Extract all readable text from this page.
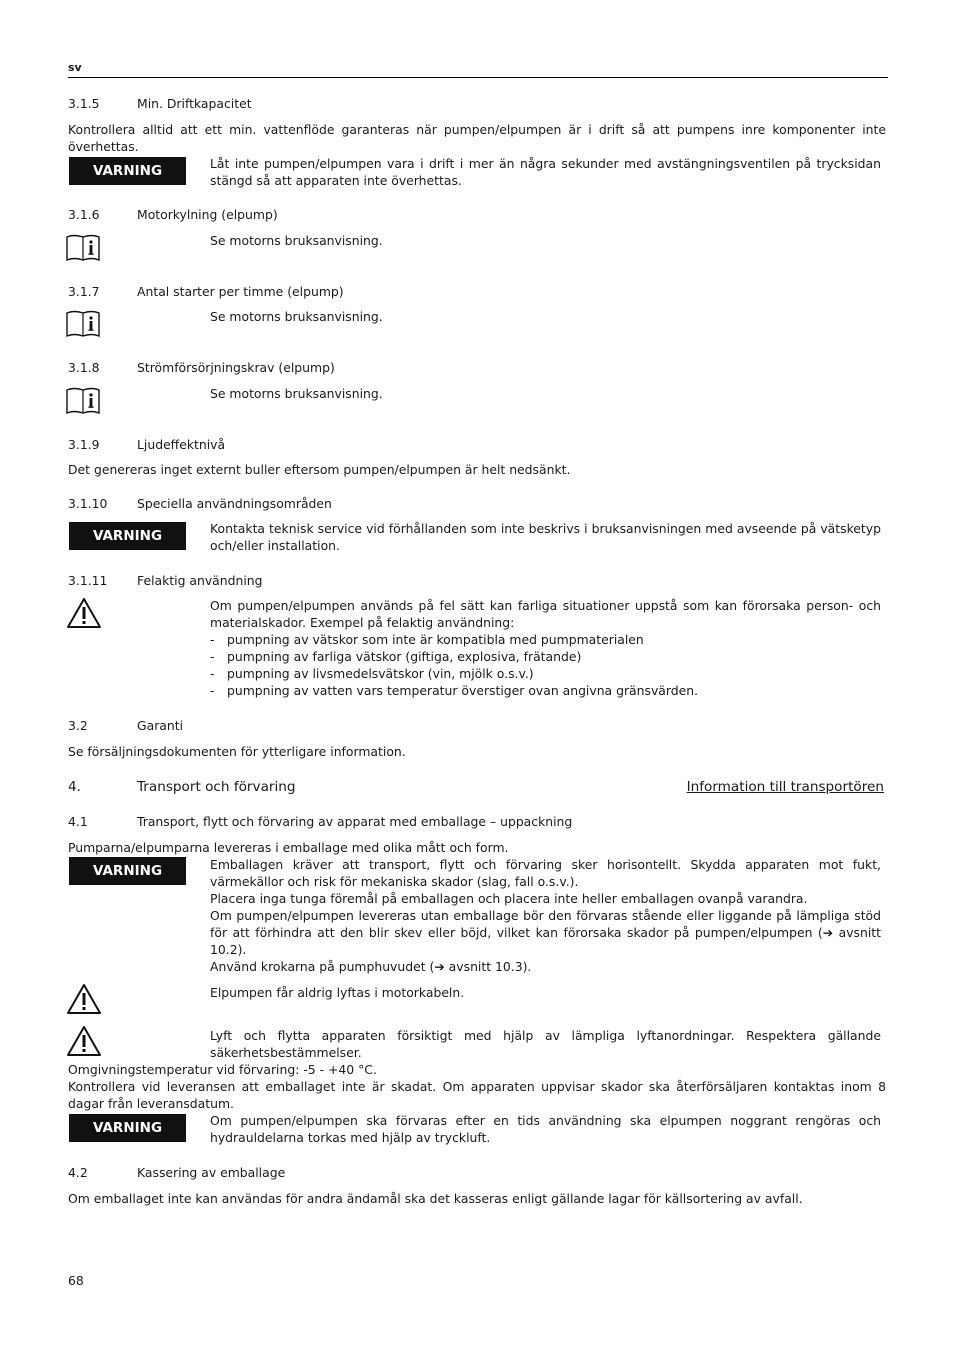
sv
3.1.5	Min. Driftkapacitet
Kontrollera alltid att ett min. vattenflöde garanteras när pumpen/elpumpen är i drift så att pumpens inre komponenter inte överhettas.
VARNING	Låt inte pumpen/elpumpen vara i drift i mer än några sekunder med avstängningsventilen på trycksidan stängd så att apparaten inte överhettas.
3.1.6	Motorkylning (elpump)
Se motorns bruksanvisning.
3.1.7	Antal starter per timme (elpump)
Se motorns bruksanvisning.
3.1.8	Strömförsörjningskrav (elpump)
Se motorns bruksanvisning.
3.1.9	Ljudeffektnivå
Det genereras inget externt buller eftersom pumpen/elpumpen är helt nedsänkt.
3.1.10 Speciella användningsområden
VARNING	Kontakta teknisk service vid förhållanden som inte beskrivs i bruksanvisningen med avseende på vätsketyp och/eller installation.
3.1.11 Felaktig användning
Om pumpen/elpumpen används på fel sätt kan farliga situationer uppstå som kan förorsaka person- och materialskador. Exempel på felaktig användning:
- pumpning av vätskor som inte är kompatibla med pumpmaterialen
- pumpning av farliga vätskor (giftiga, explosiva, frätande)
- pumpning av livsmedelsvätskor (vin, mjölk o.s.v.)
- pumpning av vatten vars temperatur överstiger ovan angivna gränsvärden.
3.2	Garanti
Se försäljningsdokumenten för ytterligare information.
4.	Transport och förvaring	Information till transportören
4.1	Transport, flytt och förvaring av apparat med emballage – uppackning
Pumparna/elpumparna levereras i emballage med olika mått och form.
VARNING	Emballagen kräver att transport, flytt och förvaring sker horisontellt. Skydda apparaten mot fukt, värmekällor och risk för mekaniska skador (slag, fall o.s.v.).
Placera inga tunga föremål på emballagen och placera inte heller emballagen ovanpå varandra.
Om pumpen/elpumpen levereras utan emballage bör den förvaras stående eller liggande på lämpliga stöd för att förhindra att den blir skev eller böjd, vilket kan förorsaka skador på pumpen/elpumpen (➔ avsnitt 10.2).
Använd krokarna på pumphuvudet (➔ avsnitt 10.3).
Elpumpen får aldrig lyftas i motorkabeln.
Lyft och flytta apparaten försiktigt med hjälp av lämpliga lyftanordningar. Respektera gällande säkerhetsbestämmelser.
Omgivningstemperatur vid förvaring: -5 - +40 °C.
Kontrollera vid leveransen att emballaget inte är skadat. Om apparaten uppvisar skador ska återförsäljaren kontaktas inom 8 dagar från leveransdatum.
VARNING	Om pumpen/elpumpen ska förvaras efter en tids användning ska elpumpen noggrant rengöras och hydrauldelarna torkas med hjälp av tryckluft.
4.2	Kassering av emballage
Om emballaget inte kan användas för andra ändamål ska det kasseras enligt gällande lagar för källsortering av avfall.
68
